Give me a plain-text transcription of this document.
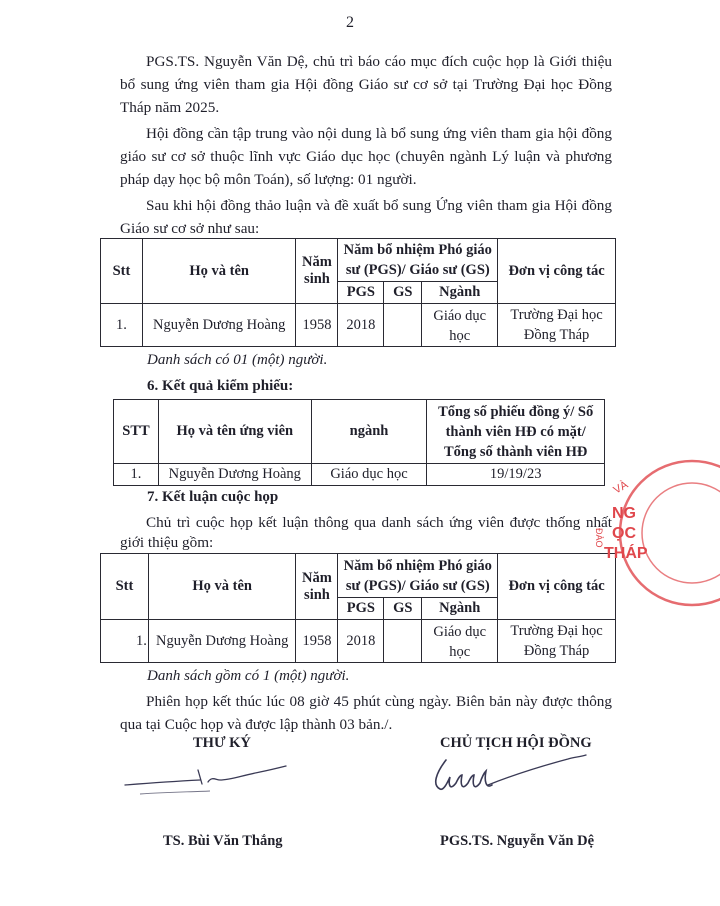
2

PGS.TS. Nguyễn Văn Dệ, chủ trì báo cáo mục đích cuộc họp là Giới thiệu bổ sung ứng viên tham gia Hội đồng Giáo sư cơ sở tại Trường Đại học Đồng Tháp năm 2025.

Hội đồng cần tập trung vào nội dung là bổ sung ứng viên tham gia hội đồng giáo sư cơ sở thuộc lĩnh vực Giáo dục học (chuyên ngành Lý luận và phương pháp dạy học bộ môn Toán), số lượng: 01 người.

Sau khi hội đồng thảo luận và đề xuất bổ sung Ứng viên tham gia Hội đồng Giáo sư cơ sở như sau:

Stt	Họ và tên	Năm sinh	Năm bổ nhiệm Phó giáo sư (PGS)/ Giáo sư (GS)			Đơn vị công tác
			PGS	GS	Ngành	
1.	Nguyễn Dương Hoàng	1958	2018		Giáo dục học	Trường Đại học Đồng Tháp

Danh sách có 01 (một) người.

6. Kết quả kiểm phiếu:

STT	Họ và tên ứng viên	ngành	Tổng số phiếu đồng ý/ Số thành viên HĐ có mặt/ Tổng số thành viên HĐ
1.	Nguyễn Dương Hoàng	Giáo dục học	19/19/23

7. Kết luận cuộc họp

Chủ trì cuộc họp kết luận thông qua danh sách ứng viên được thống nhất giới thiệu gồm:

Stt	Họ và tên	Năm sinh	Năm bổ nhiệm Phó giáo sư (PGS)/ Giáo sư (GS)			Đơn vị công tác
			PGS	GS	Ngành	
1.	Nguyễn Dương Hoàng	1958	2018		Giáo dục học	Trường Đại học Đồng Tháp

Danh sách gồm có 1 (một) người.

Phiên họp kết thúc lúc 08 giờ 45 phút cùng ngày. Biên bản này được thông qua tại Cuộc họp và được lập thành 03 bản./.

THƯ KÝ	CHỦ TỊCH HỘI ĐỒNG
TS. Bùi Văn Thắng	PGS.TS. Nguyễn Văn Dệ
VÀ
NG
ỌC
THÁP
ĐÀO
